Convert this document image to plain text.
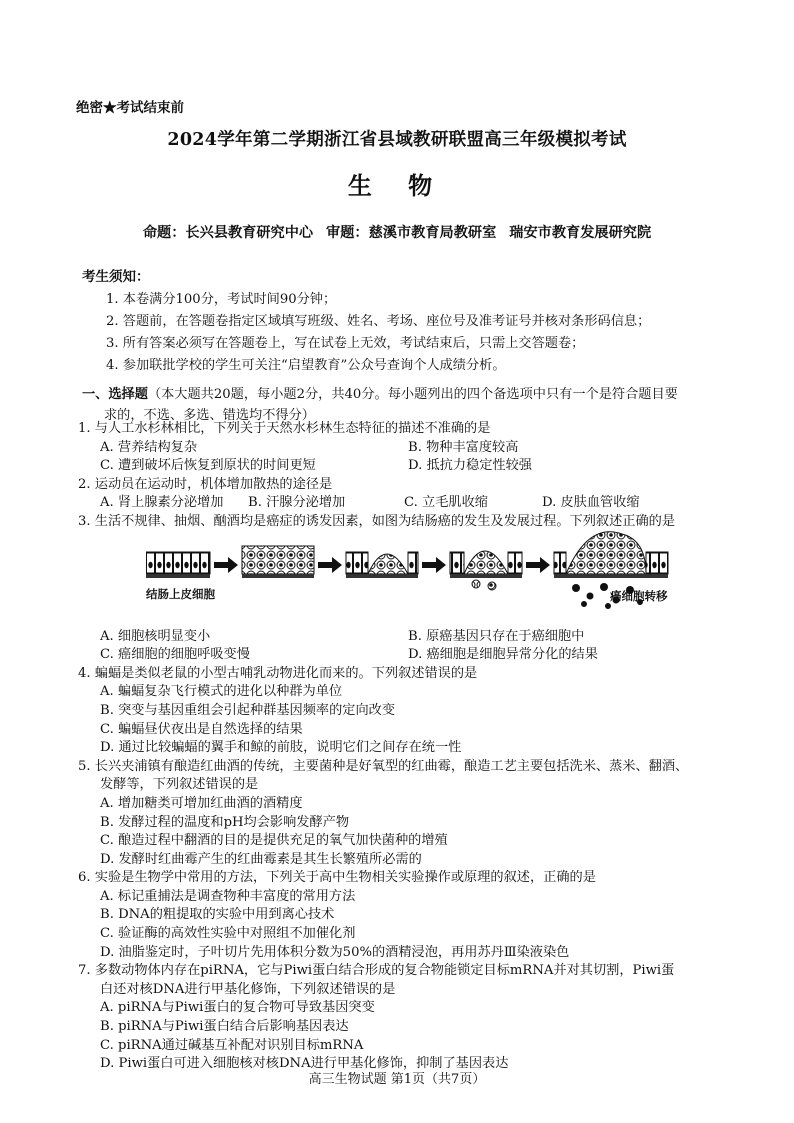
绝密★考试结束前
2024学年第二学期浙江省县域教研联盟高三年级模拟考试
生 物
命题：长兴县教育研究中心 审题：慈溪市教育局教研室 瑞安市教育发展研究院
考生须知：
1. 本卷满分100分，考试时间90分钟；
2. 答题前，在答题卷指定区域填写班级、姓名、考场、座位号及准考证号并核对条形码信息；
3. 所有答案必须写在答题卷上，写在试卷上无效，考试结束后，只需上交答题卷；
4. 参加联批学校的学生可关注“启望教育”公众号查询个人成绩分析。
一、选择题（本大题共20题，每小题2分，共40分。每小题列出的四个备选项中只有一个是符合题目要
求的，不选、多选、错选均不得分）
1. 与人工水杉林相比，下列关于天然水杉林生态特征的描述不准确的是
A. 营养结构复杂	B. 物种丰富度较高
C. 遭到破坏后恢复到原状的时间更短	D. 抵抗力稳定性较强
2. 运动员在运动时，机体增加散热的途径是
A. 肾上腺素分泌增加	B. 汗腺分泌增加	C. 立毛肌收缩	D. 皮肤血管收缩
3. 生活不规律、抽烟、酗酒均是癌症的诱发因素，如图为结肠癌的发生及发展过程。下列叙述正确的是
A. 细胞核明显变小	B. 原癌基因只存在于癌细胞中
C. 癌细胞的细胞呼吸变慢	D. 癌细胞是细胞异常分化的结果
4. 蝙蝠是类似老鼠的小型古哺乳动物进化而来的。下列叙述错误的是
A. 蝙蝠复杂飞行模式的进化以种群为单位
B. 突变与基因重组会引起种群基因频率的定向改变
C. 蝙蝠昼伏夜出是自然选择的结果
D. 通过比较蝙蝠的翼手和鲸的前肢，说明它们之间存在统一性
5. 长兴夹浦镇有酿造红曲酒的传统，主要菌种是好氧型的红曲霉，酿造工艺主要包括洗米、蒸米、翻酒、
发酵等，下列叙述错误的是
A. 增加糖类可增加红曲酒的酒精度
B. 发酵过程的温度和pH均会影响发酵产物
C. 酿造过程中翻酒的目的是提供充足的氧气加快菌种的增殖
D. 发酵时红曲霉产生的红曲霉素是其生长繁殖所必需的
6. 实验是生物学中常用的方法，下列关于高中生物相关实验操作或原理的叙述，正确的是
A. 标记重捕法是调查物种丰富度的常用方法
B. DNA的粗提取的实验中用到离心技术
C. 验证酶的高效性实验中对照组不加催化剂
D. 油脂鉴定时，子叶切片先用体积分数为50%的酒精浸泡，再用苏丹Ⅲ染液染色
7. 多数动物体内存在piRNA，它与Piwi蛋白结合形成的复合物能锁定目标mRNA并对其切割，Piwi蛋
白还对核DNA进行甲基化修饰，下列叙述错误的是
A. piRNA与Piwi蛋白的复合物可导致基因突变
B. piRNA与Piwi蛋白结合后影响基因表达
C. piRNA通过碱基互补配对识别目标mRNA
D. Piwi蛋白可进入细胞核对核DNA进行甲基化修饰，抑制了基因表达
结肠上皮细胞	癌细胞转移
高三生物试题 第1页（共7页）
